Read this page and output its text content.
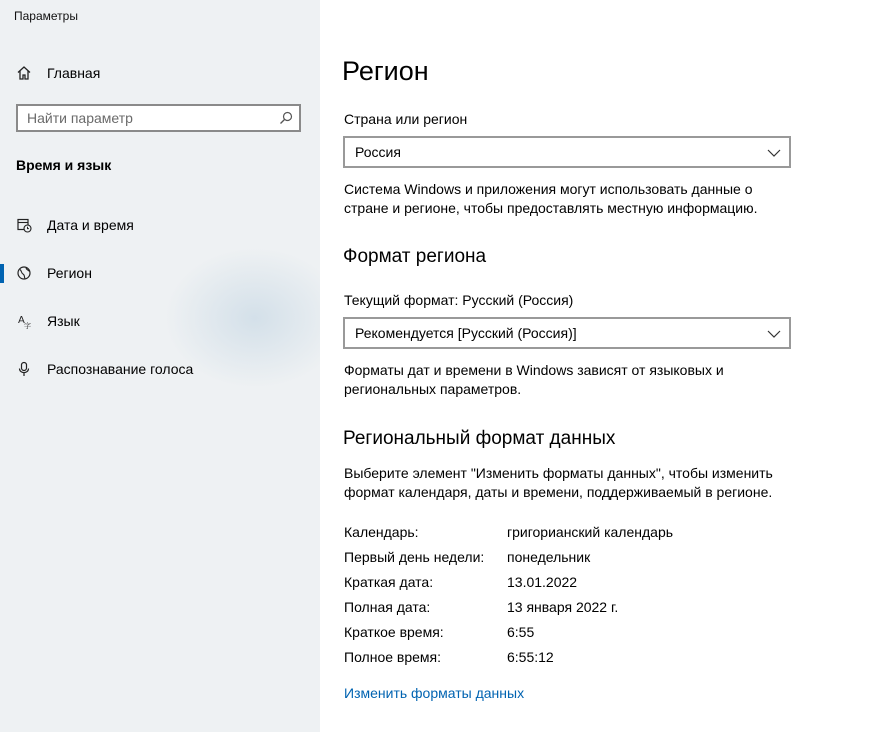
Параметры
Главная
Найти параметр
Время и язык
Дата и время
Регион
A 字 Язык
Распознавание голоса
Регион
Страна или регион
Россия
Система Windows и приложения могут использовать данные о стране и регионе, чтобы предоставлять местную информацию.
Формат региона
Текущий формат: Русский (Россия)
Рекомендуется [Русский (Россия)]
Форматы дат и времени в Windows зависят от языковых и региональных параметров.
Региональный формат данных
Выберите элемент "Изменить форматы данных", чтобы изменить формат календаря, даты и времени, поддерживаемый в регионе.
Календарь:	григорианский календарь
Первый день недели:	понедельник
Краткая дата:	13.01.2022
Полная дата:	13 января 2022 г.
Краткое время:	6:55
Полное время:	6:55:12
Изменить форматы данных
